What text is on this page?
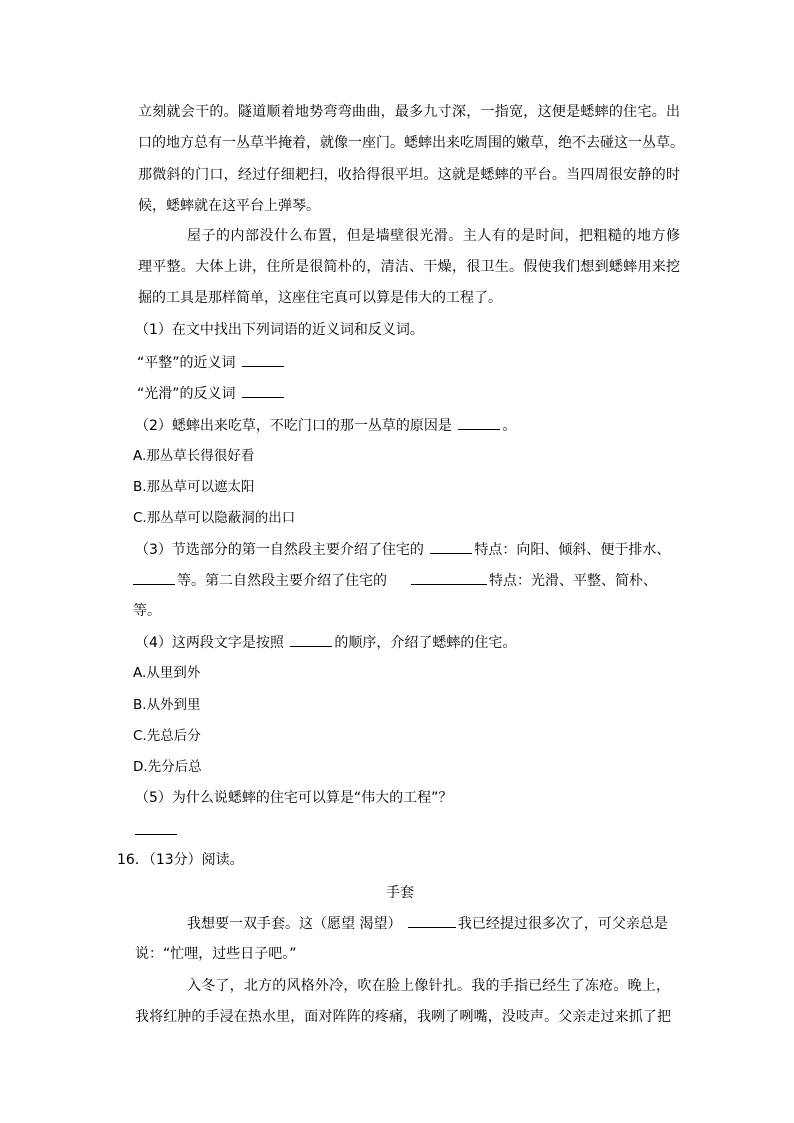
立刻就会干的。隧道顺着地势弯弯曲曲，最多九寸深，一指宽，这便是蟋蟀的住宅。出
口的地方总有一丛草半掩着，就像一座门。蟋蟀出来吃周围的嫩草，绝不去碰这一丛草。
那微斜的门口，经过仔细耙扫，收拾得很平坦。这就是蟋蟀的平台。当四周很安静的时
候，蟋蟀就在这平台上弹琴。
屋子的内部没什么布置，但是墙壁很光滑。主人有的是时间，把粗糙的地方修
理平整。大体上讲，住所是很简朴的，清洁、干燥，很卫生。假使我们想到蟋蟀用来挖
掘的工具是那样简单，这座住宅真可以算是伟大的工程了。
（1）在文中找出下列词语的近义词和反义词。
“平整”的近义词
“光滑”的反义词
（2）蟋蟀出来吃草，不吃门口的那一丛草的原因是	。
A.那丛草长得很好看
B.那丛草可以遮太阳
C.那丛草可以隐蔽洞的出口
（3）节选部分的第一自然段主要介绍了住宅的	特点：向阳、倾斜、便于排水、
等。第二自然段主要介绍了住宅的	特点：光滑、平整、简朴、
等。
（4）这两段文字是按照	的顺序，介绍了蟋蟀的住宅。
A.从里到外
B.从外到里
C.先总后分
D.先分后总
（5）为什么说蟋蟀的住宅可以算是“伟大的工程”？
16．（13分）阅读。
手套
我想要一双手套。这（愿望 渴望）	我已经提过很多次了，可父亲总是
说：“忙哩，过些日子吧。”
入冬了，北方的风格外冷，吹在脸上像针扎。我的手指已经生了冻疮。晚上，
我将红肿的手浸在热水里，面对阵阵的疼痛，我咧了咧嘴，没吱声。父亲走过来抓了把
